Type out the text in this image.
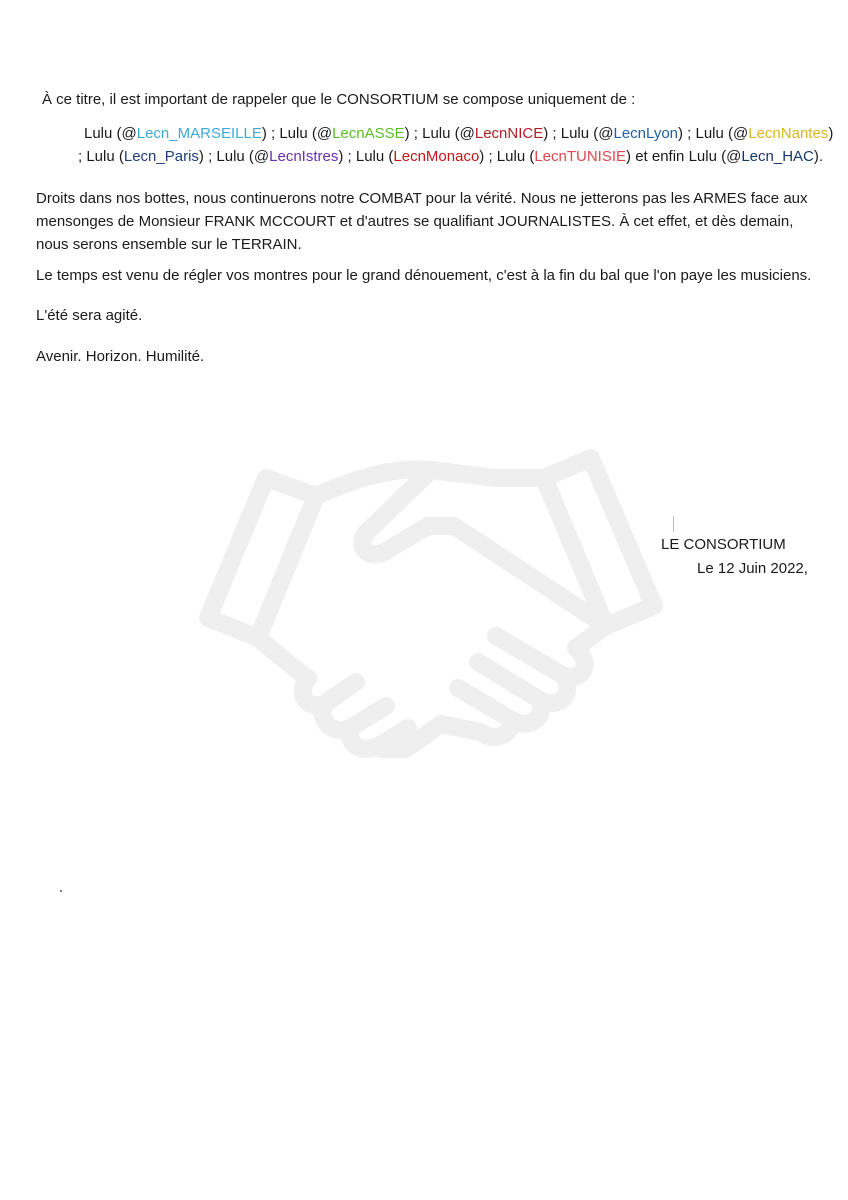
À ce titre, il est important de rappeler que le CONSORTIUM se compose uniquement de :
Lulu (@Lecn_MARSEILLE) ; Lulu (@LecnASSE) ; Lulu (@LecnNICE) ; Lulu (@LecnLyon) ; Lulu (@LecnNantes)
; Lulu (Lecn_Paris) ; Lulu (@LecnIstres) ; Lulu (LecnMonaco) ; Lulu (LecnTUNISIE) et enfin Lulu (@Lecn_HAC).
Droits dans nos bottes, nous continuerons notre COMBAT pour la vérité. Nous ne jetterons pas les ARMES face aux mensonges de Monsieur FRANK MCCOURT et d'autres se qualifiant JOURNALISTES. À cet effet, et dès demain, nous serons ensemble sur le TERRAIN.
Le temps est venu de régler vos montres pour le grand dénouement, c'est à la fin du bal que l'on paye les musiciens.
L'été sera agité.
Avenir. Horizon. Humilité.
LE CONSORTIUM
Le 12 Juin 2022,
